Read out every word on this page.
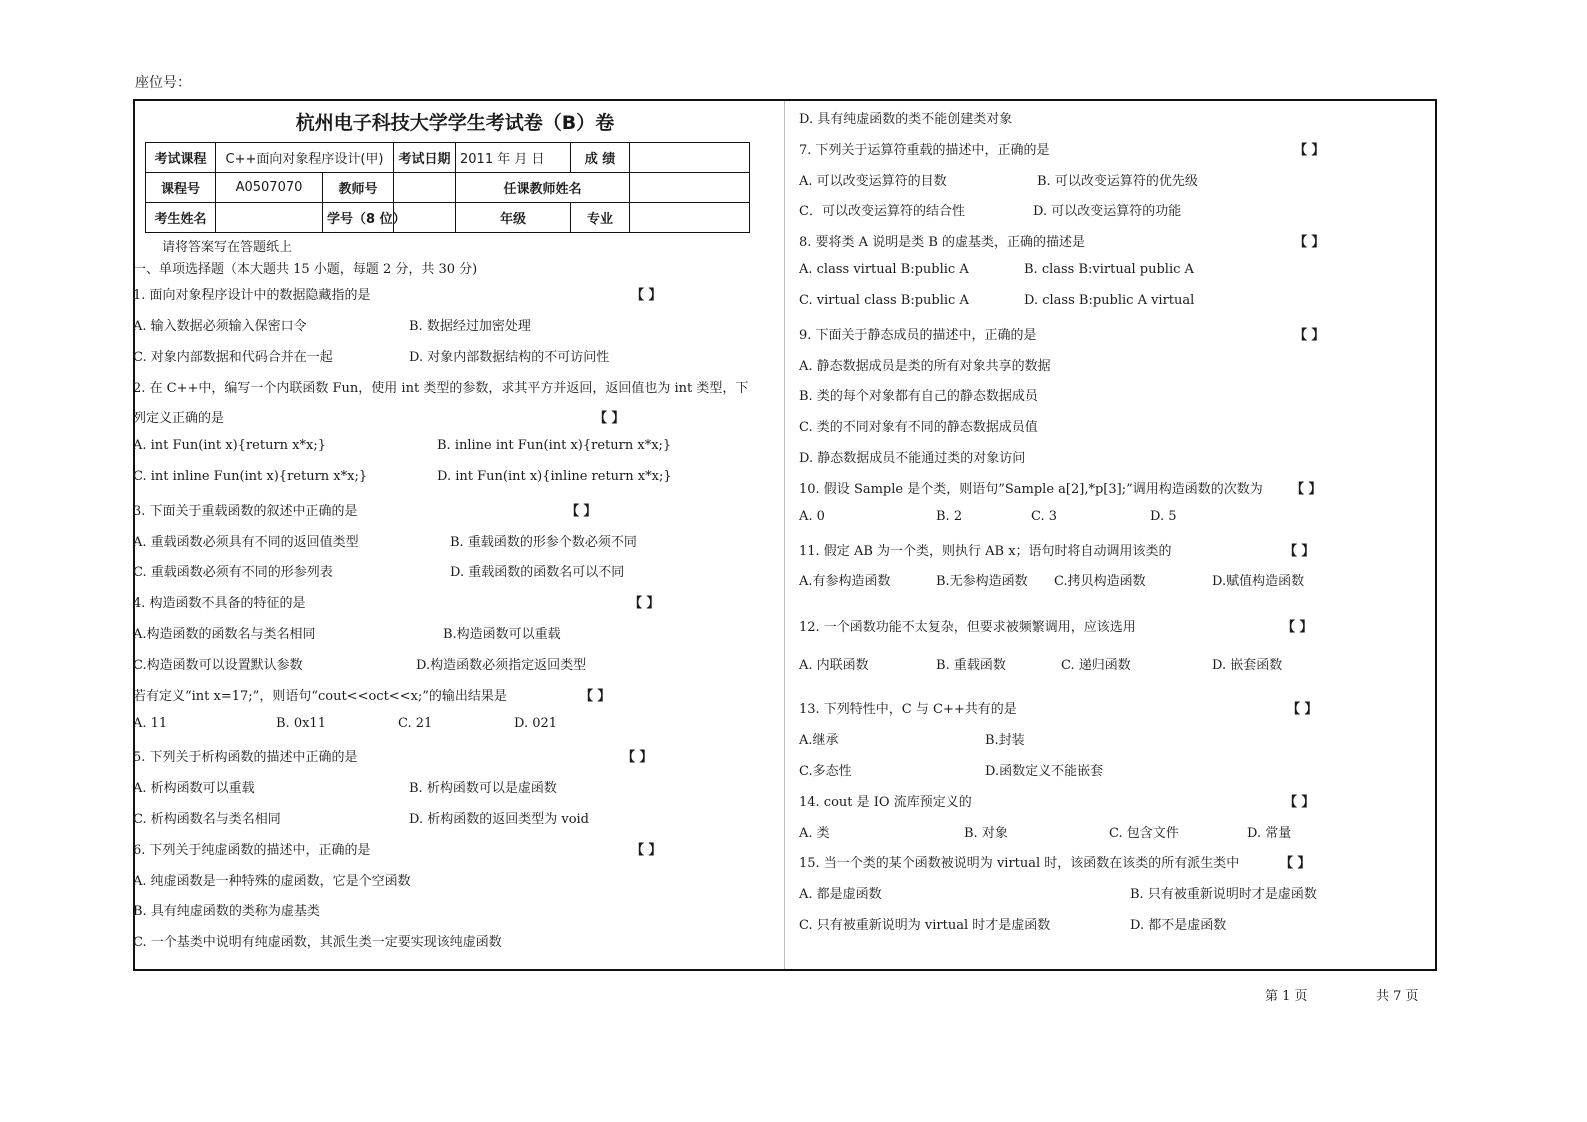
座位号：
杭州电子科技大学学生考试卷（B）卷
考试课程	C++面向对象程序设计(甲)		考试日期	2011 年 月 日	成 绩	
课程号	A0507070	教师号		任课教师姓名		
考生姓名		学号（8 位）		年级	专业	
请将答案写在答题纸上
一、单项选择题（本大题共 15 小题，每题 2 分，共 30 分)
1. 面向对象程序设计中的数据隐藏指的是
A. 输入数据必须输入保密口令
C. 对象内部数据和代码合并在一起
2. 在 C++中，编写一个内联函数 Fun，使用 int 类型的参数，求其平方并返回，返回值也为 int 类型，下
列定义正确的是
A. int Fun(int x){return x*x;}
C. int inline Fun(int x){return x*x;}
3. 下面关于重载函数的叙述中正确的是
A. 重载函数必须具有不同的返回值类型
C. 重载函数必须有不同的形参列表
4. 构造函数不具备的特征的是
A.构造函数的函数名与类名相同
C.构造函数可以设置默认参数
若有定义“int x=17;”，则语句“cout<<oct<<x;”的输出结果是
A. 11
5. 下列关于析构函数的描述中正确的是
A. 析构函数可以重载
C. 析构函数名与类名相同
6. 下列关于纯虚函数的描述中，正确的是
A. 纯虚函数是一种特殊的虚函数，它是个空函数
B. 具有纯虚函数的类称为虚基类
C. 一个基类中说明有纯虚函数，其派生类一定要实现该纯虚函数
B. 数据经过加密处理
D. 对象内部数据结构的不可访问性
B. inline int Fun(int x){return x*x;}
D. int Fun(int x){inline return x*x;}
B. 重载函数的形参个数必须不同
D. 重载函数的函数名可以不同
B.构造函数可以重载
D.构造函数必须指定返回类型
B. 0x11	C. 21	D. 021
B. 析构函数可以是虚函数
D. 析构函数的返回类型为 void
【 】
【 】
【 】
【 】
【 】
【 】
【 】
D. 具有纯虚函数的类不能创建类对象
7. 下列关于运算符重载的描述中，正确的是
A. 可以改变运算符的目数
C．可以改变运算符的结合性
8. 要将类 A 说明是类 B 的虚基类，正确的描述是
A. class virtual B:public A
C. virtual class B:public A
9. 下面关于静态成员的描述中，正确的是
A. 静态数据成员是类的所有对象共享的数据
B. 类的每个对象都有自己的静态数据成员
C. 类的不同对象有不同的静态数据成员值
D. 静态数据成员不能通过类的对象访问
10. 假设 Sample 是个类，则语句”Sample a[2],*p[3];”调用构造函数的次数为
A. 0
11. 假定 AB 为一个类，则执行 AB x；语句时将自动调用该类的
A.有参构造函数
12. 一个函数功能不太复杂，但要求被频繁调用，应该选用
A. 内联函数
13. 下列特性中，C 与 C++共有的是
A.继承
C.多态性
14. cout 是 IO 流库预定义的
A. 类
15. 当一个类的某个函数被说明为 virtual 时，该函数在该类的所有派生类中
A. 都是虚函数
C. 只有被重新说明为 virtual 时才是虚函数
B. 可以改变运算符的优先级
D. 可以改变运算符的功能
B. class B:virtual public A
D. class B:public A virtual
B. 2	C. 3	D. 5
B.无参构造函数 C.拷贝构造函数	D.赋值构造函数
B. 重载函数	C. 递归函数	D. 嵌套函数
B.封装
D.函数定义不能嵌套
B. 对象	C. 包含文件	D. 常量
B. 只有被重新说明时才是虚函数
D. 都不是虚函数
【 】
【 】
【 】
【 】
【 】
【 】
【 】
【 】
【 】
第 1 页	共 7 页
